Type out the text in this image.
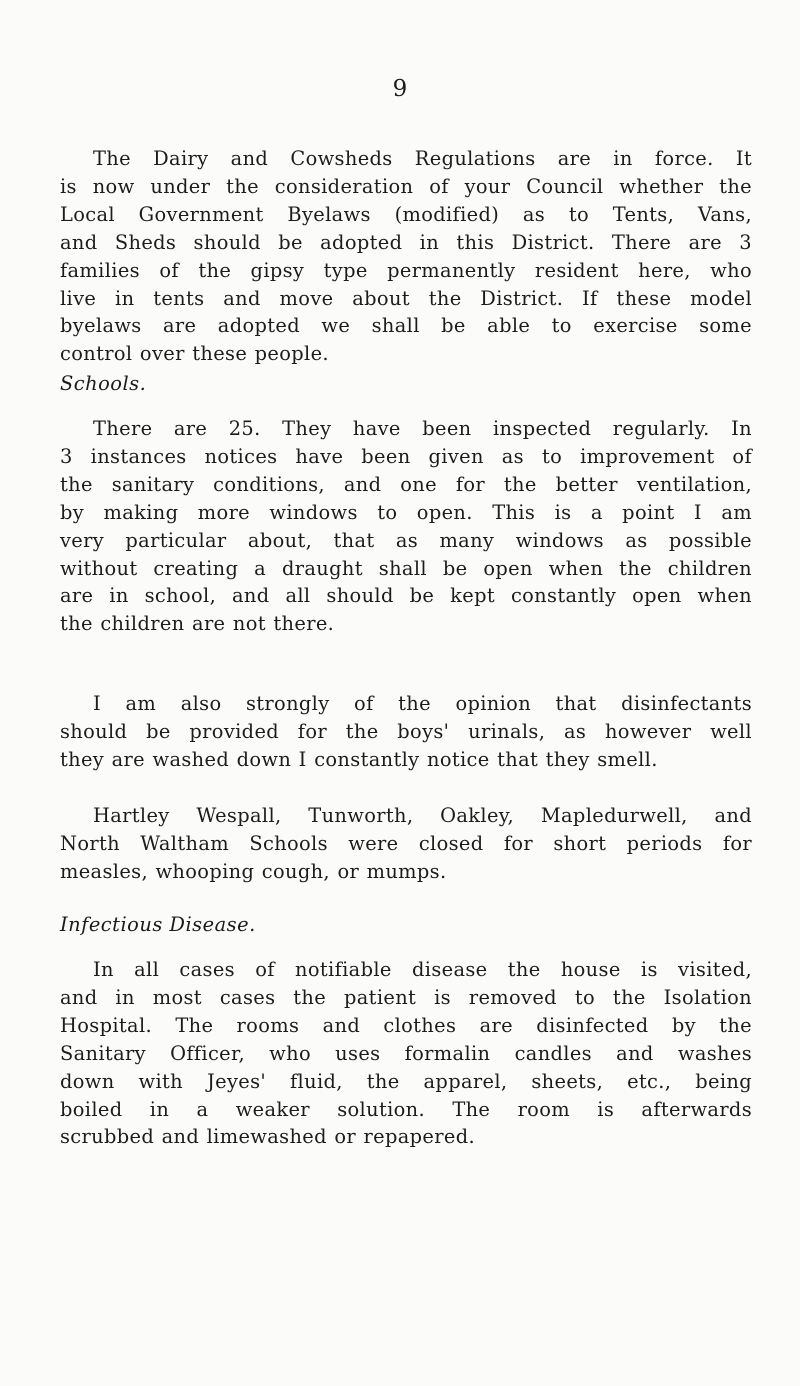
9
The Dairy and Cowsheds Regulations are in force. It
is now under the consideration of your Council whether the
Local Government Byelaws (modified) as to Tents, Vans,
and Sheds should be adopted in this District. There are 3
families of the gipsy type permanently resident here, who
live in tents and move about the District. If these model
byelaws are adopted we shall be able to exercise some
control over these people.
Schools.
There are 25. They have been inspected regularly. In
3 instances notices have been given as to improvement of
the sanitary conditions, and one for the better ventilation,
by making more windows to open. This is a point I am
very particular about, that as many windows as possible
without creating a draught shall be open when the children
are in school, and all should be kept constantly open when
the children are not there.
I am also strongly of the opinion that disinfectants
should be provided for the boys' urinals, as however well
they are washed down I constantly notice that they smell.
Hartley Wespall, Tunworth, Oakley, Mapledurwell, and
North Waltham Schools were closed for short periods for
measles, whooping cough, or mumps.
Infectious Disease.
In all cases of notifiable disease the house is visited,
and in most cases the patient is removed to the Isolation
Hospital. The rooms and clothes are disinfected by the
Sanitary Officer, who uses formalin candles and washes
down with Jeyes' fluid, the apparel, sheets, etc., being
boiled in a weaker solution. The room is afterwards
scrubbed and limewashed or repapered.
